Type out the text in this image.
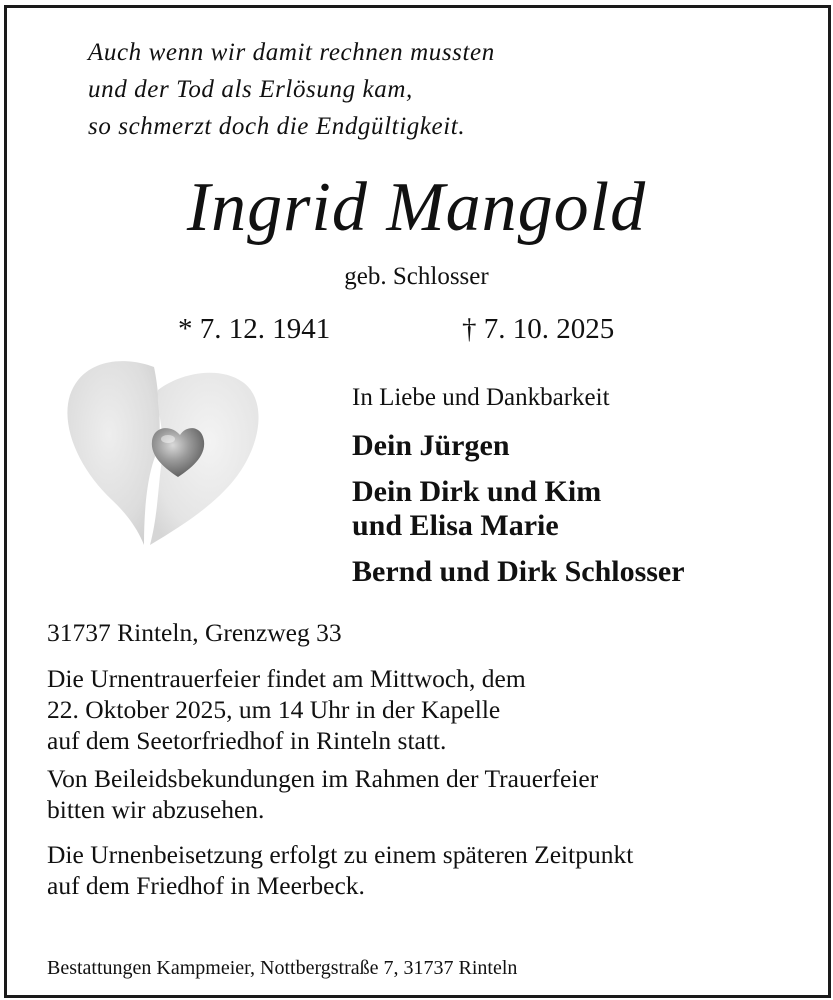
Auch wenn wir damit rechnen mussten
und der Tod als Erlösung kam,
so schmerzt doch die Endgültigkeit.
Ingrid Mangold
geb. Schlosser
* 7. 12. 1941	† 7. 10. 2025
In Liebe und Dankbarkeit
Dein Jürgen
Dein Dirk und Kim
und Elisa Marie
Bernd und Dirk Schlosser
31737 Rinteln, Grenzweg 33
Die Urnentrauerfeier findet am Mittwoch, dem
22. Oktober 2025, um 14 Uhr in der Kapelle
auf dem Seetorfriedhof in Rinteln statt.
Von Beileidsbekundungen im Rahmen der Trauerfeier
bitten wir abzusehen.
Die Urnenbeisetzung erfolgt zu einem späteren Zeitpunkt
auf dem Friedhof in Meerbeck.
Bestattungen Kampmeier, Nottbergstraße 7, 31737 Rinteln
